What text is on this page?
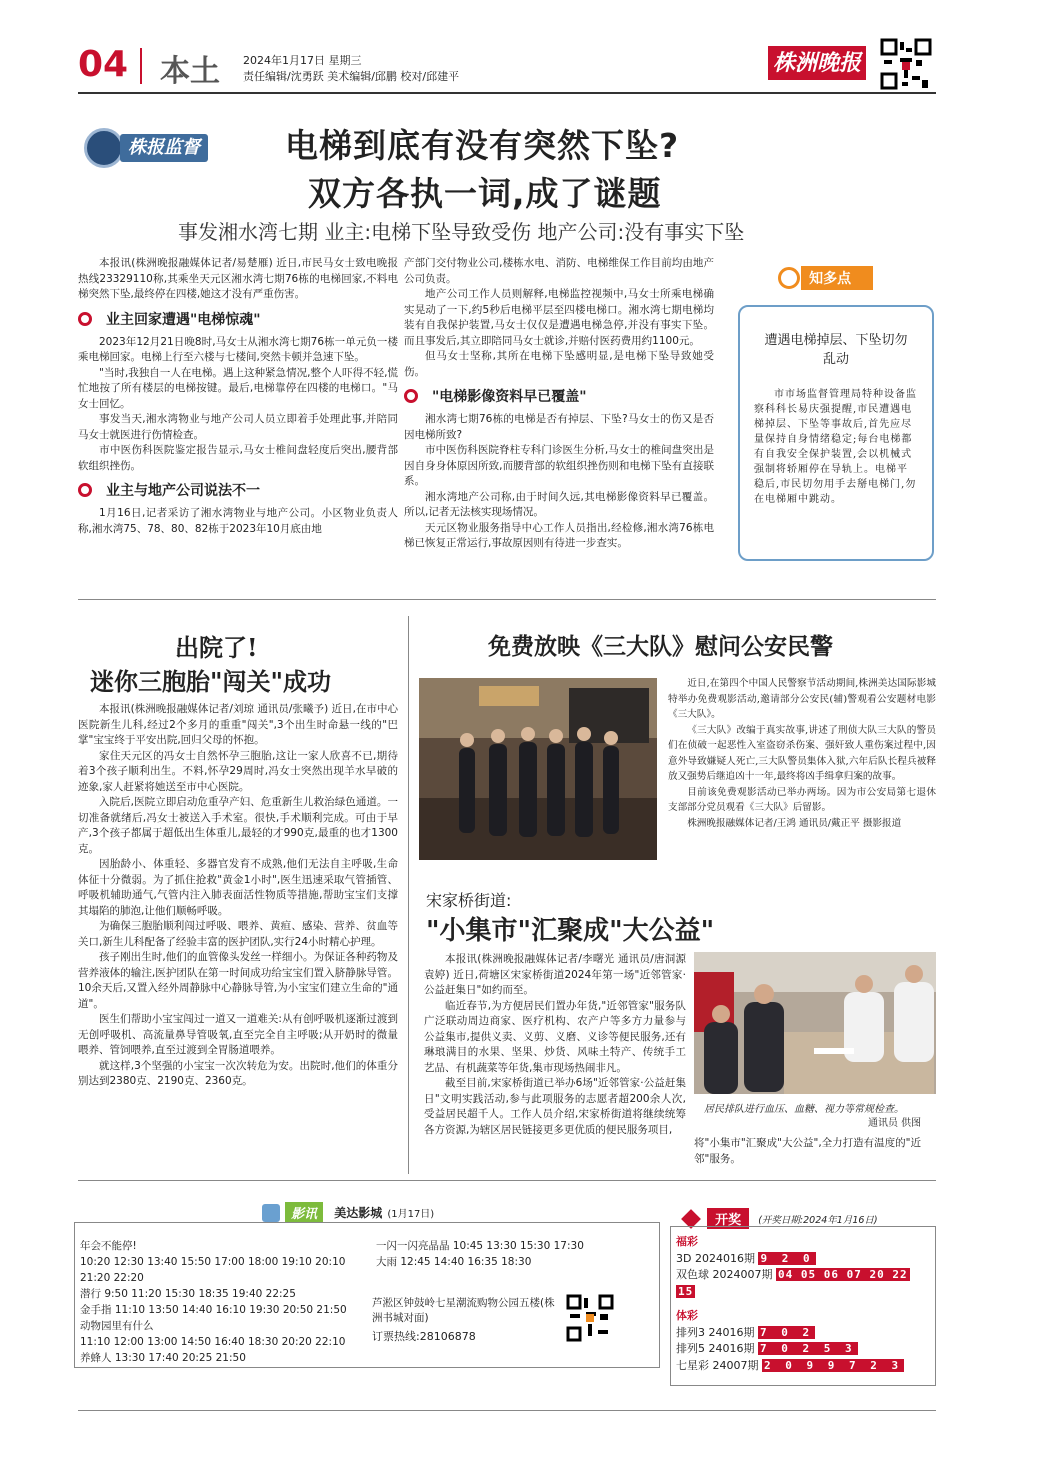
04 本土 2024年1月17日 星期三
责任编辑/沈勇跃 美术编辑/邱鹏 校对/邱建平
株洲晚报
株报监督	电梯到底有没有突然下坠?
双方各执一词,成了谜题
事发湘水湾七期 业主:电梯下坠导致受伤 地产公司:没有事实下坠

本报讯(株洲晚报融媒体记者/易楚雁) 近日,市民马女士致电晚报热线23329110称,其乘坐天元区湘水湾七期76栋的电梯回家,不料电梯突然下坠,最终停在四楼,她这才没有严重伤害。

业主回家遭遇"电梯惊魂"

2023年12月21日晚8时,马女士从湘水湾七期76栋一单元负一楼乘电梯回家。电梯上行至六楼与七楼间,突然卡顿并急速下坠。

"当时,我独自一人在电梯。遇上这种紧急情况,整个人吓得不轻,慌忙地按了所有楼层的电梯按键。最后,电梯靠停在四楼的电梯口。"马女士回忆。

事发当天,湘水湾物业与地产公司人员立即着手处理此事,并陪同马女士就医进行伤情检查。

市中医伤科医院鉴定报告显示,马女士椎间盘轻度后突出,腰背部软组织挫伤。

业主与地产公司说法不一

1月16日,记者采访了湘水湾物业与地产公司。小区物业负责人称,湘水湾75、78、80、82栋于2023年10月底由地

产部门交付物业公司,楼栋水电、消防、电梯维保工作目前均由地产公司负责。

地产公司工作人员则解释,电梯监控视频中,马女士所乘电梯确实晃动了一下,约5秒后电梯平层至四楼电梯口。湘水湾七期电梯均装有自我保护装置,马女士仅仅是遭遇电梯急停,并没有事实下坠。而且事发后,其立即陪同马女士就诊,并赔付医药费用约1100元。

但马女士坚称,其所在电梯下坠感明显,是电梯下坠导致她受伤。

"电梯影像资料早已覆盖"

湘水湾七期76栋的电梯是否有掉层、下坠?马女士的伤又是否因电梯所致?

市中医伤科医院脊柱专科门诊医生分析,马女士的椎间盘突出是因自身身体原因所致,而腰背部的软组织挫伤则和电梯下坠有直接联系。

湘水湾地产公司称,由于时间久远,其电梯影像资料早已覆盖。所以,记者无法核实现场情况。

天元区物业服务指导中心工作人员指出,经检修,湘水湾76栋电梯已恢复正常运行,事故原因则有待进一步查实。

知多点
遭遇电梯掉层、下坠切勿乱动
市市场监督管理局特种设备监察科科长易庆强提醒,市民遭遇电梯掉层、下坠等事故后,首先应尽量保持自身情绪稳定;每台电梯都有自我安全保护装置,会以机械式强制将轿厢停在导轨上。电梯平稳后,市民切勿用手去掰电梯门,勿在电梯厢中跳动。
出院了!
迷你三胞胎"闯关"成功

本报讯(株洲晚报融媒体记者/刘琼 通讯员/张曦予) 近日,在市中心医院新生儿科,经过2个多月的重重"闯关",3个出生时命悬一线的"巴掌"宝宝终于平安出院,回归父母的怀抱。

家住天元区的冯女士自然怀孕三胞胎,这让一家人欣喜不已,期待着3个孩子顺利出生。不料,怀孕29周时,冯女士突然出现羊水早破的迹象,家人赶紧将她送至市中心医院。

入院后,医院立即启动危重孕产妇、危重新生儿救治绿色通道。一切准备就绪后,冯女士被送入手术室。很快,手术顺利完成。可由于早产,3个孩子都属于超低出生体重儿,最轻的才990克,最重的也才1300克。

因胎龄小、体重轻、多器官发育不成熟,他们无法自主呼吸,生命体征十分微弱。为了抓住抢救"黄金1小时",医生迅速采取气管插管、呼吸机辅助通气,气管内注入肺表面活性物质等措施,帮助宝宝们支撑其塌陷的肺泡,让他们顺畅呼吸。

为确保三胞胎顺利闯过呼吸、喂养、黄疸、感染、营养、贫血等关口,新生儿科配备了经验丰富的医护团队,实行24小时精心护理。

孩子刚出生时,他们的血管像头发丝一样细小。为保证各种药物及营养液体的输注,医护团队在第一时间成功给宝宝们置入脐静脉导管。10余天后,又置入经外周静脉中心静脉导管,为小宝宝们建立生命的"通道"。

医生们帮助小宝宝闯过一道又一道难关:从有创呼吸机逐渐过渡到无创呼吸机、高流量鼻导管吸氧,直至完全自主呼吸;从开奶时的微量喂养、管饲喂养,直至过渡到全胃肠道喂养。

就这样,3个坚强的小宝宝一次次转危为安。出院时,他们的体重分别达到2380克、2190克、2360克。

免费放映《三大队》慰问公安民警

近日,在第四个中国人民警察节活动期间,株洲美达国际影城特举办免费观影活动,邀请部分公安民(辅)警观看公安题材电影《三大队》。

《三大队》改编于真实故事,讲述了刑侦大队三大队的警员们在侦破一起恶性入室盗窃杀伤案、强奸致人重伤案过程中,因意外导致嫌疑人死亡,三大队警员集体入狱,六年后队长程兵被释放又强势后继追凶十一年,最终将凶手缉拿归案的故事。

目前该免费观影活动已举办两场。因为市公安局第七退休支部部分党员观看《三大队》后留影。

株洲晚报融媒体记者/王鸿 通讯员/戴正平 摄影报道

宋家桥街道:
"小集市"汇聚成"大公益"

本报讯(株洲晚报融媒体记者/李曙光 通讯员/唐洞源 袁婷) 近日,荷塘区宋家桥街道2024年第一场"近邻管家·公益赶集日"如约而至。

临近春节,为方便居民们置办年货,"近邻管家"服务队广泛联动周边商家、医疗机构、农产户等多方力量参与公益集市,提供义卖、义剪、义磨、义诊等便民服务,还有琳琅满目的水果、坚果、炒货、风味土特产、传统手工艺品、有机蔬菜等年货,集市现场热闹非凡。

截至目前,宋家桥街道已举办6场"近邻管家·公益赶集日"文明实践活动,参与此项服务的志愿者超200余人次,受益居民超千人。工作人员介绍,宋家桥街道将继续统筹各方资源,为辖区居民链接更多更优质的便民服务项目,

居民排队进行血压、血糖、视力等常规检查。
通讯员 供图
将"小集市"汇聚成"大公益",全力打造有温度的"近邻"服务。
影讯 美达影城 (1月17日)
年会不能停!
10:20 12:30 13:40 15:50 17:00 18:00 19:10 20:10
21:20 22:20
潜行 9:50 11:20 15:30 18:35 19:40 22:25
金手指 11:10 13:50 14:40 16:10 19:30 20:50 21:50
动物园里有什么
11:10 12:00 13:00 14:50 16:40 18:30 20:20 22:10
养蜂人 13:30 17:40 20:25 21:50
一闪一闪亮晶晶 10:45 13:30 15:30 17:30
大雨 12:45 14:40 16:35 18:30
芦淞区钟鼓岭七星潮流购物公园五楼(株洲书城对面)
订票热线:28106878
开奖 (开奖日期:2024年1月16日)
福彩
3D 2024016期 9 2 0
双色球 2024007期 04 05 06 07 20 22
15
体彩
排列3 24016期 7 0 2
排列5 24016期 7 0 2 5 3
七星彩 24007期 2 0 9 9 7 2 3
